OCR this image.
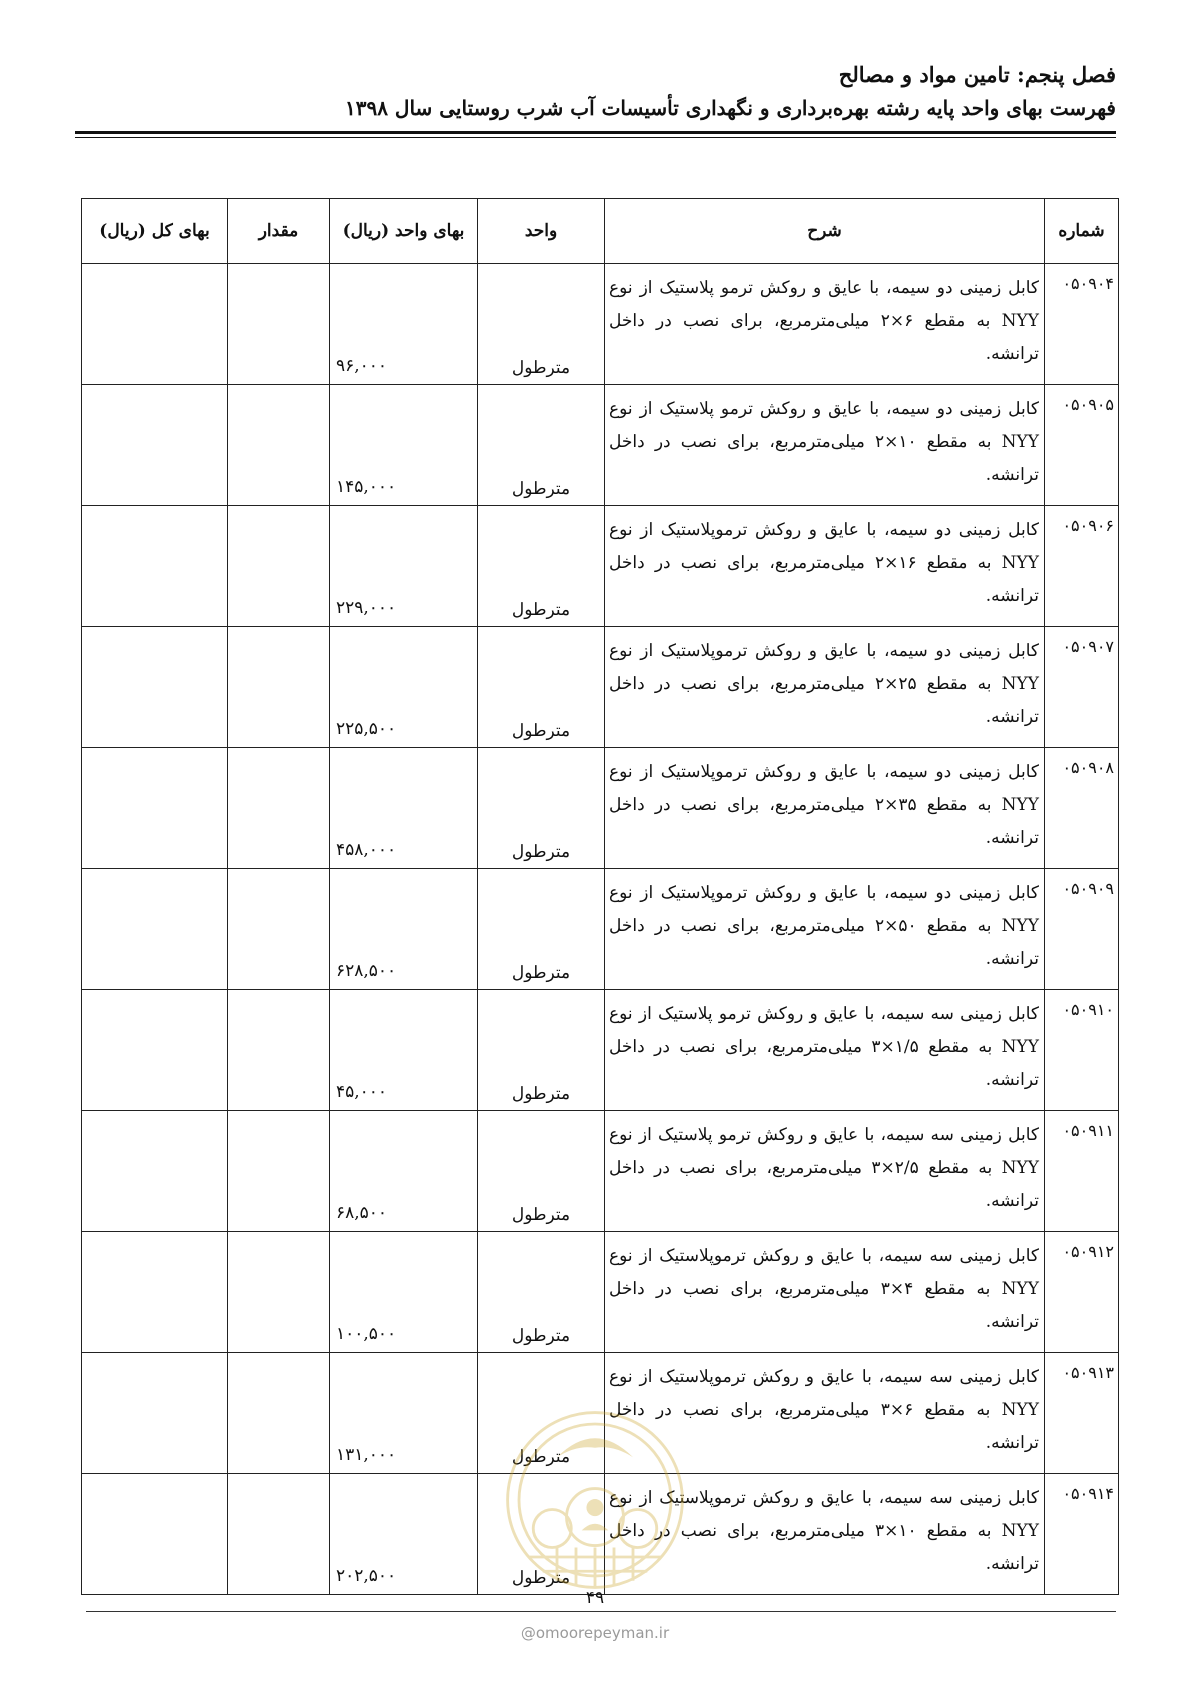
فصل پنجم: تامین مواد و مصالح
فهرست بهای واحد پایه رشته بهره‌برداری و نگهداری تأسیسات آب شرب روستایی سال ۱۳۹۸
شماره	شرح	واحد	بهای واحد (ریال)	مقدار	بهای کل (ریال)
۰۵۰۹۰۴	کابل زمینی دو سیمه، با عایق و روکش ترمو پلاستیک از نوع NYY به مقطع ۶×۲ میلی‌مترمربع، برای نصب در داخل ترانشه.	مترطول	۹۶,۰۰۰		
۰۵۰۹۰۵	کابل زمینی دو سیمه، با عایق و روکش ترمو پلاستیک از نوع NYY به مقطع ۱۰×۲ میلی‌مترمربع، برای نصب در داخل ترانشه.	مترطول	۱۴۵,۰۰۰		
۰۵۰۹۰۶	کابل زمینی دو سیمه، با عایق و روکش ترموپلاستیک از نوع NYY به مقطع ۱۶×۲ میلی‌مترمربع، برای نصب در داخل ترانشه.	مترطول	۲۲۹,۰۰۰		
۰۵۰۹۰۷	کابل زمینی دو سیمه، با عایق و روکش ترموپلاستیک از نوع NYY به مقطع ۲۵×۲ میلی‌مترمربع، برای نصب در داخل ترانشه.	مترطول	۲۲۵,۵۰۰		
۰۵۰۹۰۸	کابل زمینی دو سیمه، با عایق و روکش ترموپلاستیک از نوع NYY به مقطع ۳۵×۲ میلی‌مترمربع، برای نصب در داخل ترانشه.	مترطول	۴۵۸,۰۰۰		
۰۵۰۹۰۹	کابل زمینی دو سیمه، با عایق و روکش ترموپلاستیک از نوع NYY به مقطع ۵۰×۲ میلی‌مترمربع، برای نصب در داخل ترانشه.	مترطول	۶۲۸,۵۰۰		
۰۵۰۹۱۰	کابل زمینی سه سیمه، با عایق و روکش ترمو پلاستیک از نوع NYY به مقطع ۱/۵×۳ میلی‌مترمربع، برای نصب در داخل ترانشه.	مترطول	۴۵,۰۰۰		
۰۵۰۹۱۱	کابل زمینی سه سیمه، با عایق و روکش ترمو پلاستیک از نوع NYY به مقطع ۲/۵×۳ میلی‌مترمربع، برای نصب در داخل ترانشه.	مترطول	۶۸,۵۰۰		
۰۵۰۹۱۲	کابل زمینی سه سیمه، با عایق و روکش ترموپلاستیک از نوع NYY به مقطع ۴×۳ میلی‌مترمربع، برای نصب در داخل ترانشه.	مترطول	۱۰۰,۵۰۰		
۰۵۰۹۱۳	کابل زمینی سه سیمه، با عایق و روکش ترموپلاستیک از نوع NYY به مقطع ۶×۳ میلی‌مترمربع، برای نصب در داخل ترانشه.	مترطول	۱۳۱,۰۰۰		
۰۵۰۹۱۴	کابل زمینی سه سیمه، با عایق و روکش ترموپلاستیک از نوع NYY به مقطع ۱۰×۳ میلی‌مترمربع، برای نصب در داخل ترانشه.	مترطول	۲۰۲,۵۰۰		
۴۹
@omoorepeyman.ir
